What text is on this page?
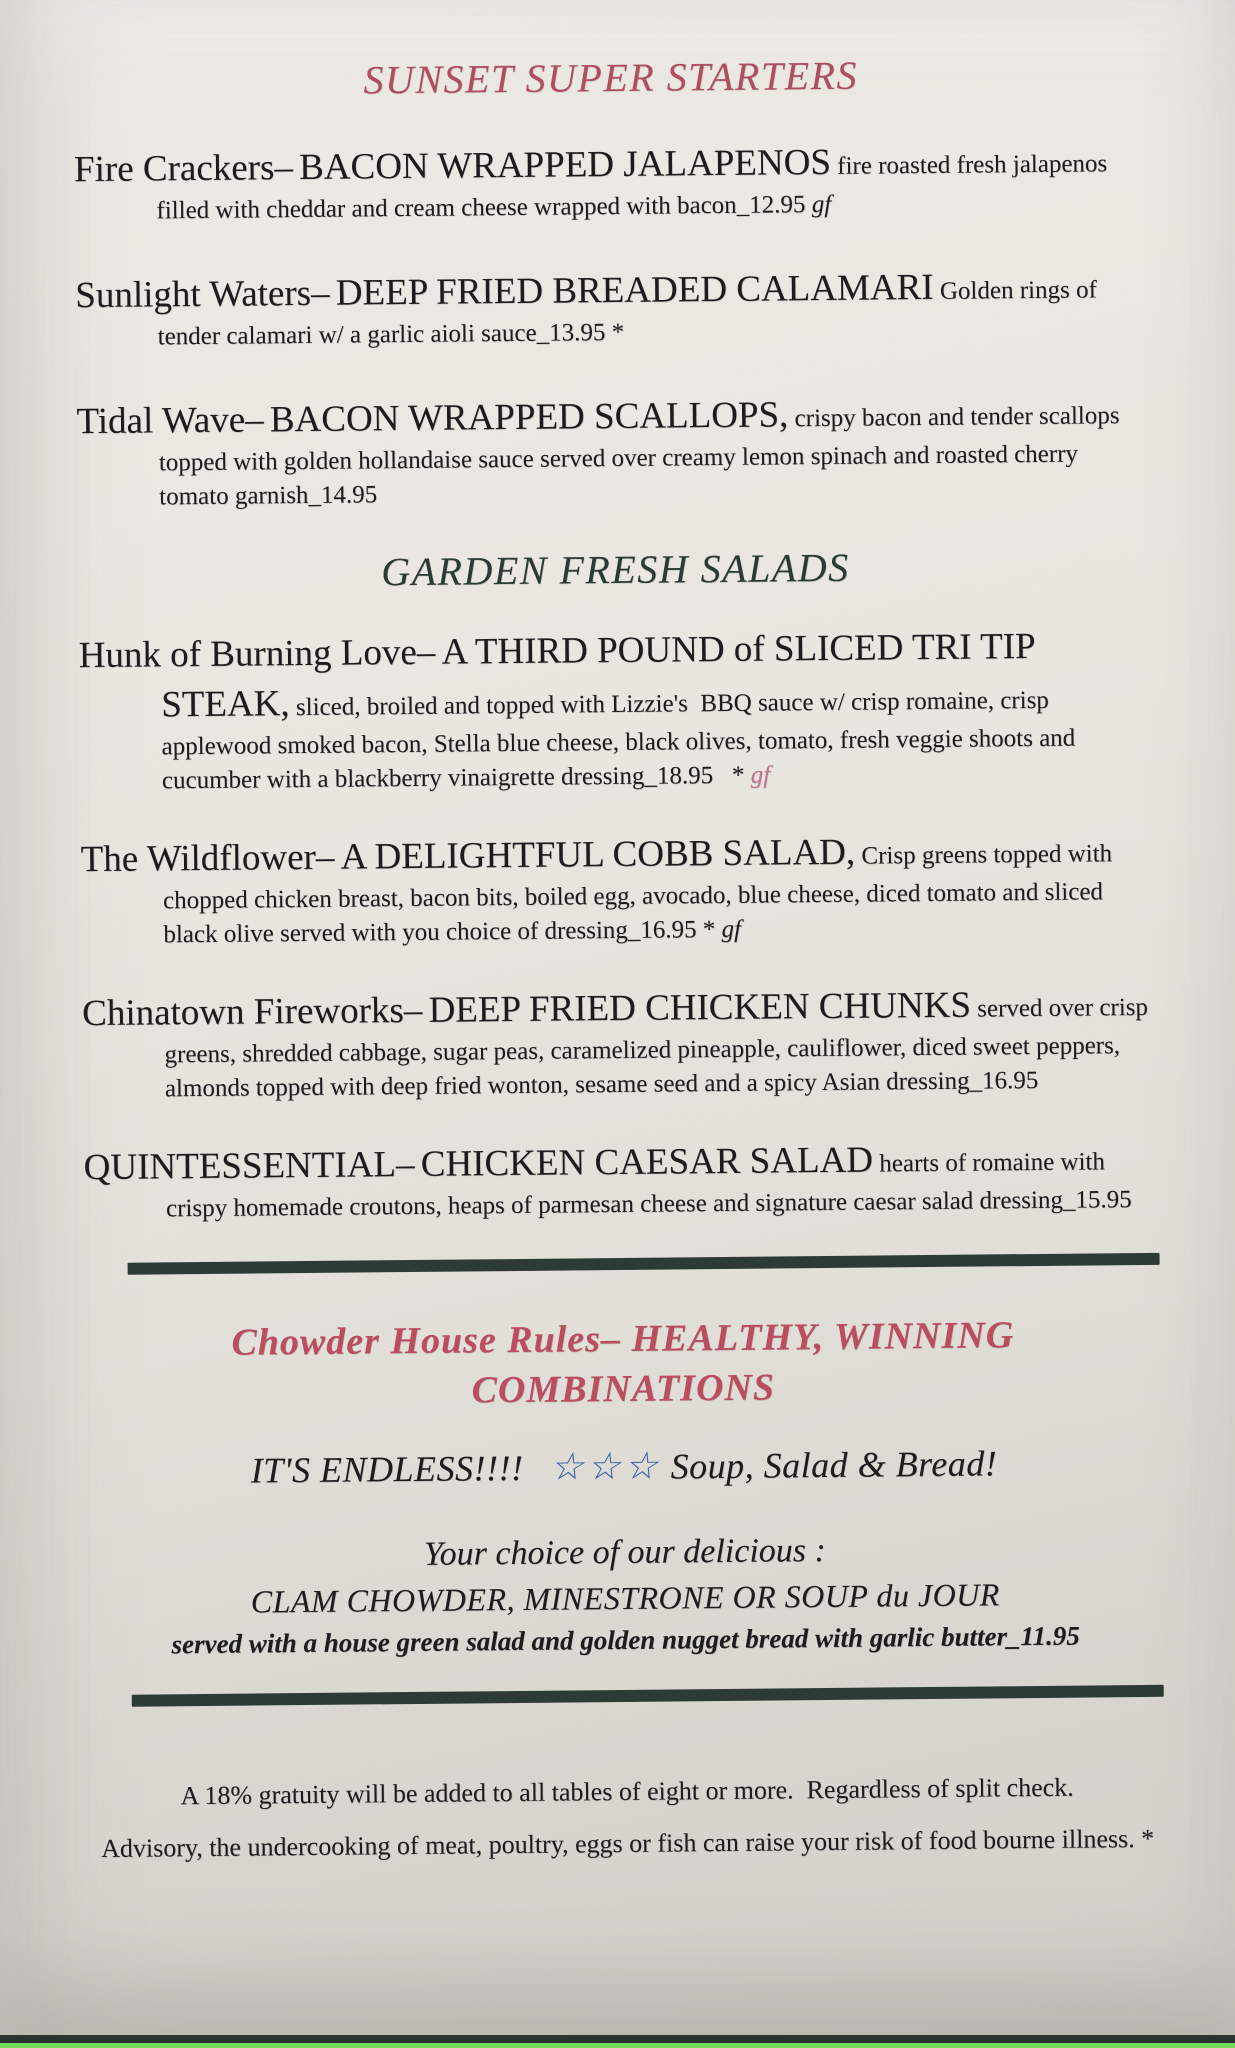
SUNSET SUPER STARTERS

Fire Crackers– BACON WRAPPED JALAPENOS fire roasted fresh jalapenos filled with cheddar and cream cheese wrapped with bacon_12.95 gf

Sunlight Waters– DEEP FRIED BREADED CALAMARI Golden rings of tender calamari w/ a garlic aioli sauce_13.95 *

Tidal Wave– BACON WRAPPED SCALLOPS, crispy bacon and tender scallops topped with golden hollandaise sauce served over creamy lemon spinach and roasted cherry tomato garnish_14.95

GARDEN FRESH SALADS

Hunk of Burning Love– A THIRD POUND of SLICED TRI TIP STEAK, sliced, broiled and topped with Lizzie's  BBQ sauce w/ crisp romaine, crisp applewood smoked bacon, Stella blue cheese, black olives, tomato, fresh veggie shoots and cucumber with a blackberry vinaigrette dressing_18.95   * gf

The Wildflower– A DELIGHTFUL COBB SALAD, Crisp greens topped with chopped chicken breast, bacon bits, boiled egg, avocado, blue cheese, diced tomato and sliced black olive served with you choice of dressing_16.95 * gf

Chinatown Fireworks– DEEP FRIED CHICKEN CHUNKS served over crisp greens, shredded cabbage, sugar peas, caramelized pineapple, cauliflower, diced sweet peppers, almonds topped with deep fried wonton, sesame seed and a spicy Asian dressing_16.95

QUINTESSENTIAL– CHICKEN CAESAR SALAD hearts of romaine with crispy homemade croutons, heaps of parmesan cheese and signature caesar salad dressing_15.95

Chowder House Rules– HEALTHY, WINNING
COMBINATIONS

IT'S ENDLESS!!!! ☆☆☆ Soup, Salad & Bread!

Your choice of our delicious :

CLAM CHOWDER, MINESTRONE OR SOUP du JOUR

served with a house green salad and golden nugget bread with garlic butter_11.95

A 18% gratuity will be added to all tables of eight or more.  Regardless of split check.
Advisory, the undercooking of meat, poultry, eggs or fish can raise your risk of food bourne illness. *
